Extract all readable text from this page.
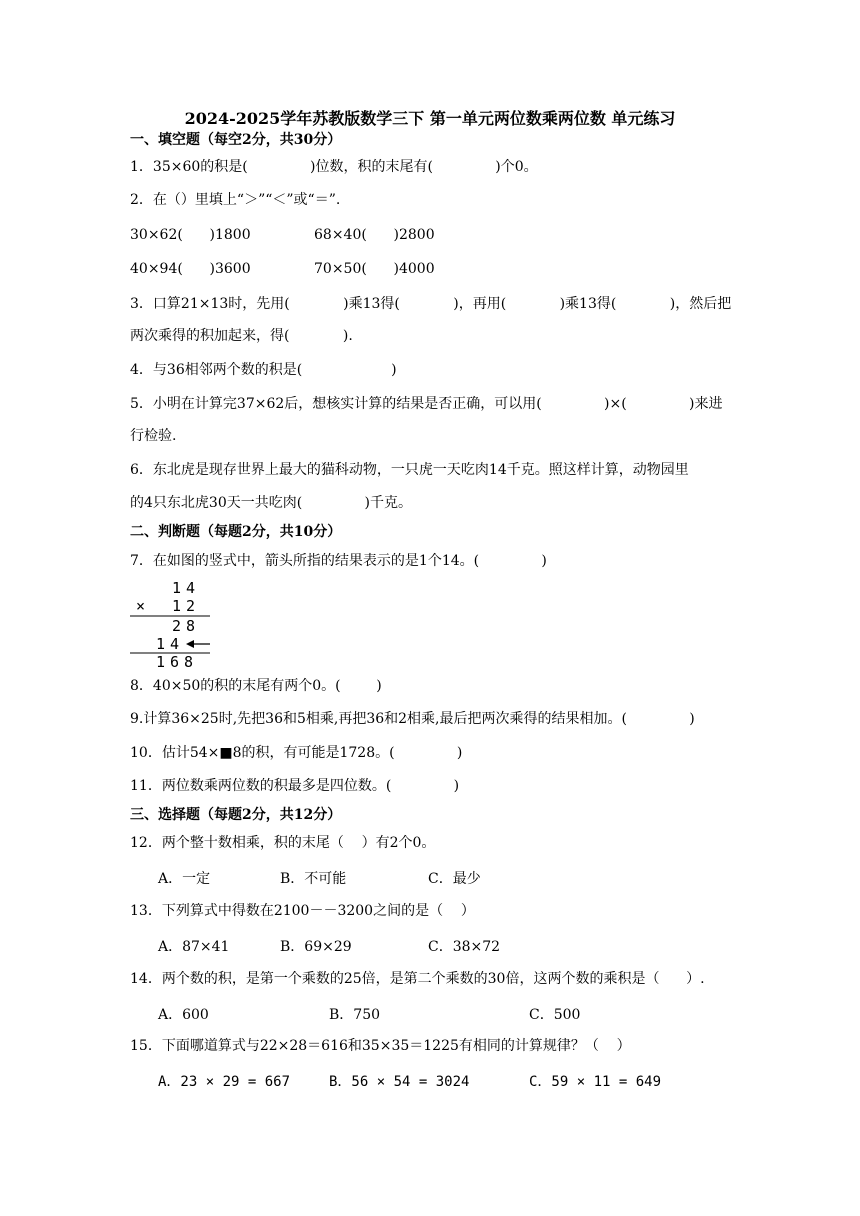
2024-2025学年苏教版数学三下 第一单元两位数乘两位数 单元练习
一、填空题（每空2分，共30分）
1．35×60的积是(              )位数，积的末尾有(              )个0。
2．在（）里填上“＞”“＜”或“＝”.
30×62(      )1800	68×40(      )2800
40×94(      )3600	70×50(      )4000
3．口算21×13时，先用(            )乘13得(            )，再用(            )乘13得(            )，然后把
两次乘得的积加起来，得(            ).
4．与36相邻两个数的积是(                    )
5．小明在计算完37×62后，想核实计算的结果是否正确，可以用(              )×(              )来进
行检验.
6．东北虎是现存世界上最大的猫科动物，一只虎一天吃肉14千克。照这样计算，动物园里
的4只东北虎30天一共吃肉(              )千克。
二、判断题（每题2分，共10分）
7．在如图的竖式中，箭头所指的结果表示的是1个14。(              )
14
× 12
28
14
168
8．40×50的积的末尾有两个0。(        )
9.计算36×25时,先把36和5相乘,再把36和2相乘,最后把两次乘得的结果相加。(              )
10．估计54×■8的积，有可能是1728。(              )
11．两位数乘两位数的积最多是四位数。(              )
三、选择题（每题2分，共12分）
12．两个整十数相乘，积的末尾（    ）有2个0。
A．一定	B．不可能	C．最少
13．下列算式中得数在2100－－3200之间的是（    ）
A．87×41	B．69×29	C．38×72
14．两个数的积，是第一个乘数的25倍，是第二个乘数的30倍，这两个数的乘积是（      ）.
A．600	B．750	C．500
15．下面哪道算式与22×28＝616和35×35＝1225有相同的计算规律？（    ）
A．23 × 29 = 667	B．56 × 54 = 3024	C．59 × 11 = 649
